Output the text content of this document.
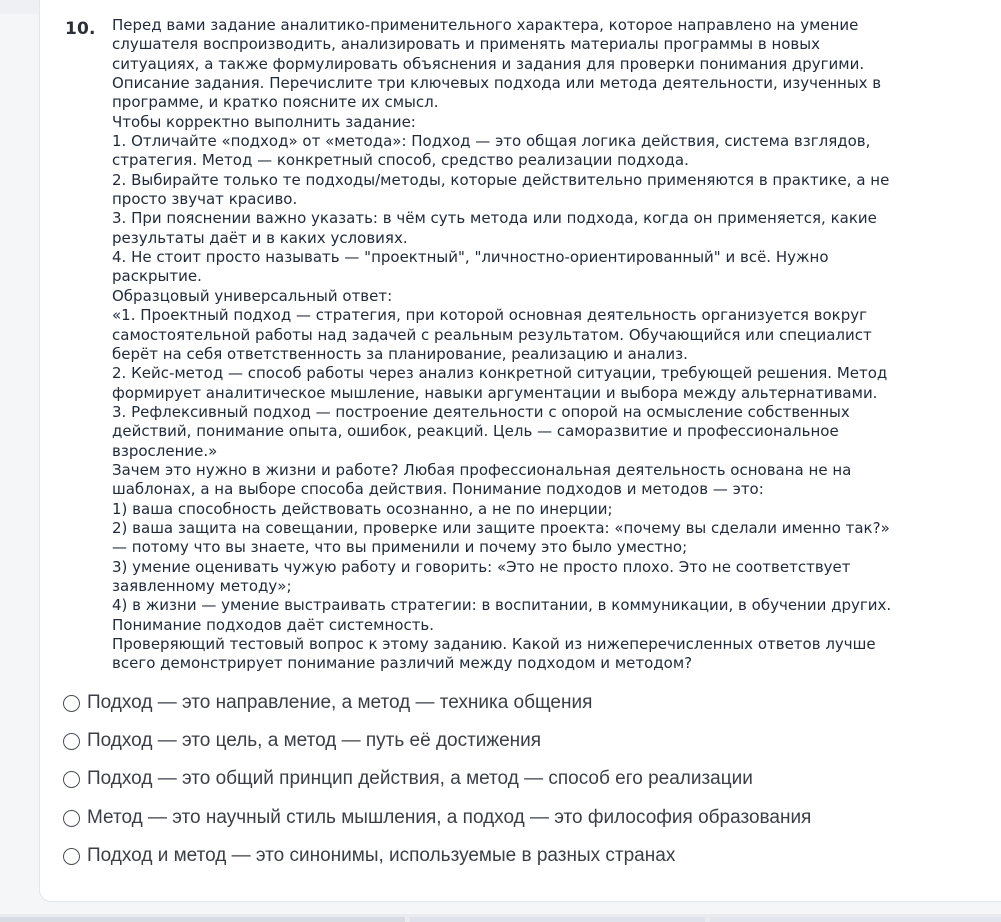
10. Перед вами задание аналитико-применительного характера, которое направлено на умение
слушателя воспроизводить, анализировать и применять материалы программы в новых
ситуациях, а также формулировать объяснения и задания для проверки понимания другими.
Описание задания. Перечислите три ключевых подхода или метода деятельности, изученных в
программе, и кратко поясните их смысл.
Чтобы корректно выполнить задание:
1. Отличайте «подход» от «метода»: Подход — это общая логика действия, система взглядов,
стратегия. Метод — конкретный способ, средство реализации подхода.
2. Выбирайте только те подходы/методы, которые действительно применяются в практике, а не
просто звучат красиво.
3. При пояснении важно указать: в чём суть метода или подхода, когда он применяется, какие
результаты даёт и в каких условиях.
4. Не стоит просто называть — "проектный", "личностно-ориентированный" и всё. Нужно
раскрытие.
Образцовый универсальный ответ:
«1. Проектный подход — стратегия, при которой основная деятельность организуется вокруг
самостоятельной работы над задачей с реальным результатом. Обучающийся или специалист
берёт на себя ответственность за планирование, реализацию и анализ.
2. Кейс-метод — способ работы через анализ конкретной ситуации, требующей решения. Метод
формирует аналитическое мышление, навыки аргументации и выбора между альтернативами.
3. Рефлексивный подход — построение деятельности с опорой на осмысление собственных
действий, понимание опыта, ошибок, реакций. Цель — саморазвитие и профессиональное
взросление.»
Зачем это нужно в жизни и работе? Любая профессиональная деятельность основана не на
шаблонах, а на выборе способа действия. Понимание подходов и методов — это:
1) ваша способность действовать осознанно, а не по инерции;
2) ваша защита на совещании, проверке или защите проекта: «почему вы сделали именно так?»
— потому что вы знаете, что вы применили и почему это было уместно;
3) умение оценивать чужую работу и говорить: «Это не просто плохо. Это не соответствует
заявленному методу»;
4) в жизни — умение выстраивать стратегии: в воспитании, в коммуникации, в обучении других.
Понимание подходов даёт системность.
Проверяющий тестовый вопрос к этому заданию. Какой из нижеперечисленных ответов лучше
всего демонстрирует понимание различий между подходом и методом?
Подход — это направление, а метод — техника общения
Подход — это цель, а метод — путь её достижения
Подход — это общий принцип действия, а метод — способ его реализации
Метод — это научный стиль мышления, а подход — это философия образования
Подход и метод — это синонимы, используемые в разных странах
